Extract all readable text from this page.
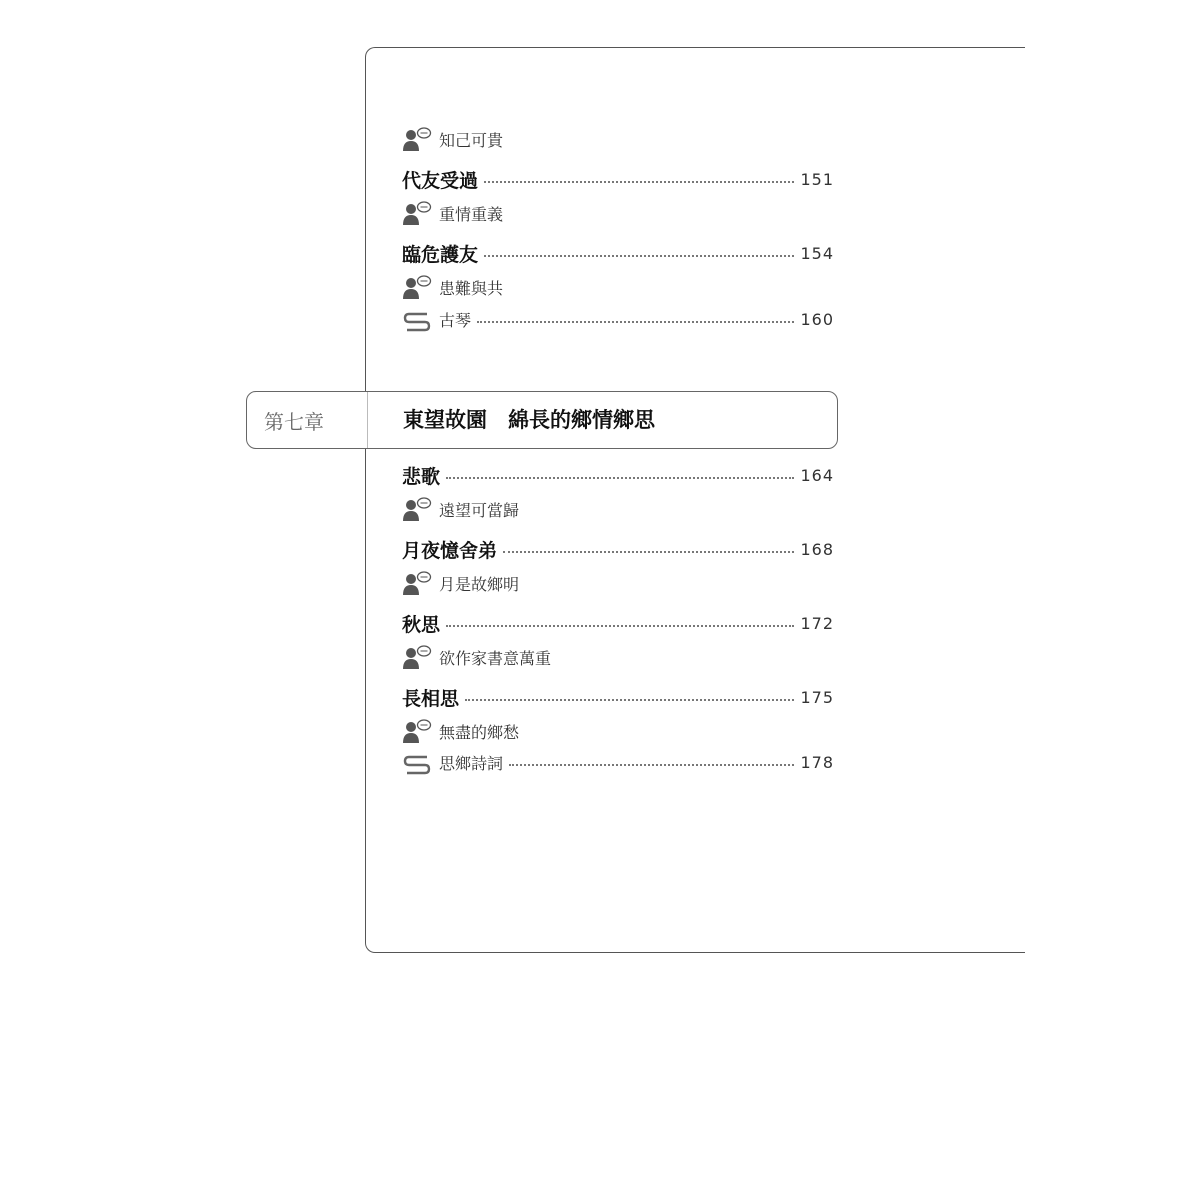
知己可貴
代友受過	151
重情重義
臨危護友	154
患難與共
古琴	160
第七章	東望故園　綿長的鄉情鄉思
悲歌	164
遠望可當歸
月夜憶舍弟	168
月是故鄉明
秋思	172
欲作家書意萬重
長相思	175
無盡的鄉愁
思鄉詩詞	178
